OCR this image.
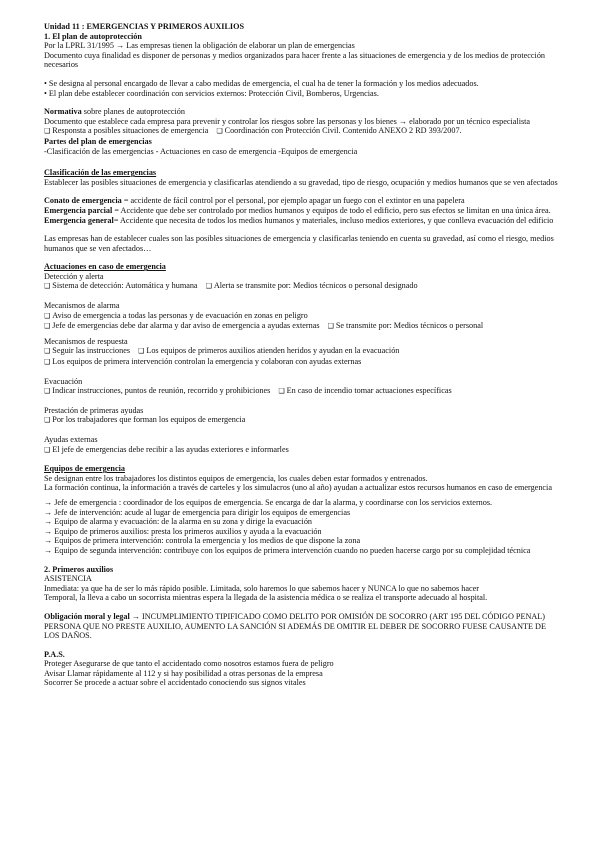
Unidad 11 : EMERGENCIAS Y PRIMEROS AUXILIOS
1. El plan de autoprotección
Por la LPRL 31/1995 → Las empresas tienen la obligación de elaborar un plan de emergencias
Documento cuya finalidad es disponer de personas y medios organizados para hacer frente a las situaciones de emergencia y de los medios de protección necesarios
• Se designa al personal encargado de llevar a cabo medidas de emergencia, el cual ha de tener la formación y los medios adecuados.
• El plan debe establecer coordinación con servicios externos: Protección Civil, Bomberos, Urgencias.
Normativa sobre planes de autoprotección
Documento que establece cada empresa para prevenir y controlar los riesgos sobre las personas y los bienes → elaborado por un técnico especialista
❑ Responsta a posibles situaciones de emergencia ❑ Coordinación con Protección Civil. Contenido ANEXO 2 RD 393/2007.
Partes del plan de emergencias
-Clasificación de las emergencias - Actuaciones en caso de emergencia -Equipos de emergencia
Clasificación de las emergencias
Establecer las posibles situaciones de emergencia y clasificarlas atendiendo a su gravedad, tipo de riesgo, ocupación y medios humanos que se ven afectados
Conato de emergencia = accidente de fácil control por el personal, por ejemplo apagar un fuego con el extintor en una papelera
Emergencia parcial = Accidente que debe ser controlado por medios humanos y equipos de todo el edificio, pero sus efectos se limitan en una única área.
Emergencia general= Accidente que necesita de todos los medios humanos y materiales, incluso medios exteriores, y que conlleva evacuación del edificio
Las empresas han de establecer cuales son las posibles situaciones de emergencia y clasificarlas teniendo en cuenta su gravedad, así como el riesgo, medios humanos que se ven afectados…
Actuaciones en caso de emergencia
Detección y alerta
❑ Sistema de detección: Automática y humana ❑ Alerta se transmite por: Medios técnicos o personal designado
Mecanismos de alarma
❑ Aviso de emergencia a todas las personas y de evacuación en zonas en peligro
❑ Jefe de emergencias debe dar alarma y dar aviso de emergencia a ayudas externas ❑ Se transmite por: Medios técnicos o personal
Mecanismos de respuesta
❑ Seguir las instrucciones ❑ Los equipos de primeros auxilios atienden heridos y ayudan en la evacuación
❑ Los equipos de primera intervención controlan la emergencia y colaboran con ayudas externas
Evacuación
❑ Indicar instrucciones, puntos de reunión, recorrido y prohibiciones ❑ En caso de incendio tomar actuaciones específicas
Prestación de primeras ayudas
❑ Por los trabajadores que forman los equipos de emergencia
Ayudas externas
❑ El jefe de emergencias debe recibir a las ayudas exteriores e informarles
Equipos de emergencia
Se designan entre los trabajadores los distintos equipos de emergencia, los cuales deben estar formados y entrenados.
La formación continua, la información a través de carteles y los simulacros (uno al año) ayudan a actualizar estos recursos humanos en caso de emergencia
→ Jefe de emergencia : coordinador de los equipos de emergencia. Se encarga de dar la alarma, y coordinarse con los servicios externos.
→ Jefe de intervención: acude al lugar de emergencia para dirigir los equipos de emergencias
→ Equipo de alarma y evacuación: de la alarma en su zona y dirige la evacuación
→ Equipo de primeros auxilios: presta los primeros auxilios y ayuda a la evacuación
→ Equipos de primera intervención: controla la emergencia y los medios de que dispone la zona
→ Equipo de segunda intervención: contribuye con los equipos de primera intervención cuando no pueden hacerse cargo por su complejidad técnica
2. Primeros auxilios
ASISTENCIA
Inmediata: ya que ha de ser lo más rápido posible. Limitada, solo haremos lo que sabemos hacer y NUNCA lo que no sabemos hacer
Temporal, la lleva a cabo un socorrista mientras espera la llegada de la asistencia médica o se realiza el transporte adecuado al hospital.
Obligación moral y legal → INCUMPLIMIENTO TIPIFICADO COMO DELITO POR OMISIÓN DE SOCORRO (ART 195 DEL CÓDIGO PENAL) PERSONA QUE NO PRESTE AUXILIO, AUMENTO LA SANCIÓN SI ADEMÁS DE OMITIR EL DEBER DE SOCORRO FUESE CAUSANTE DE LOS DAÑOS.
P.A.S.
Proteger Asegurarse de que tanto el accidentado como nosotros estamos fuera de peligro
Avisar Llamar rápidamente al 112 y si hay posibilidad a otras personas de la empresa
Socorrer Se procede a actuar sobre el accidentado conociendo sus signos vitales
